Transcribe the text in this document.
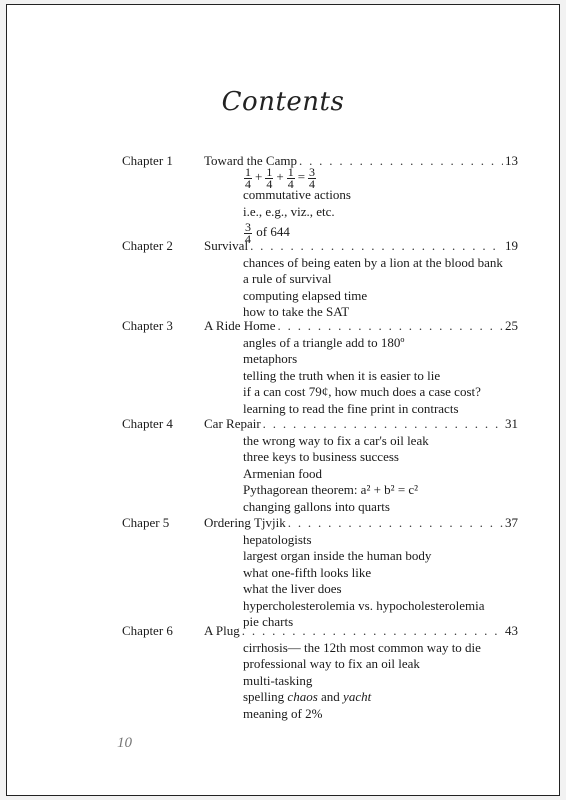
Contents
Chapter 1	Toward the Camp . . .	13
$\frac{1}{4} + \frac{1}{4} + \frac{1}{4} = \frac{3}{4}$
commutative actions
i.e., e.g., viz., etc.
$\frac{3}{4}$ of 644
Chapter 2	Survival . . .	19
chances of being eaten by a lion at the blood bank
a rule of survival
computing elapsed time
how to take the SAT
Chapter 3	A Ride Home . . .	25
angles of a triangle add to 180º
metaphors
telling the truth when it is easier to lie
if a can cost 79¢, how much does a case cost?
learning to read the fine print in contracts
Chapter 4	Car Repair . . .	31
the wrong way to fix a car's oil leak
three keys to business success
Armenian food
Pythagorean theorem: a² + b² = c²
changing gallons into quarts
Chaper 5	Ordering Tjvjik . . .	37
hepatologists
largest organ inside the human body
what one-fifth looks like
what the liver does
hypercholesterolemia vs. hypocholesterolemia
pie charts
Chapter 6	A Plug . . .	43
cirrhosis— the 12th most common way to die
professional way to fix an oil leak
multi-tasking
spelling chaos and yacht
meaning of 2%
10
